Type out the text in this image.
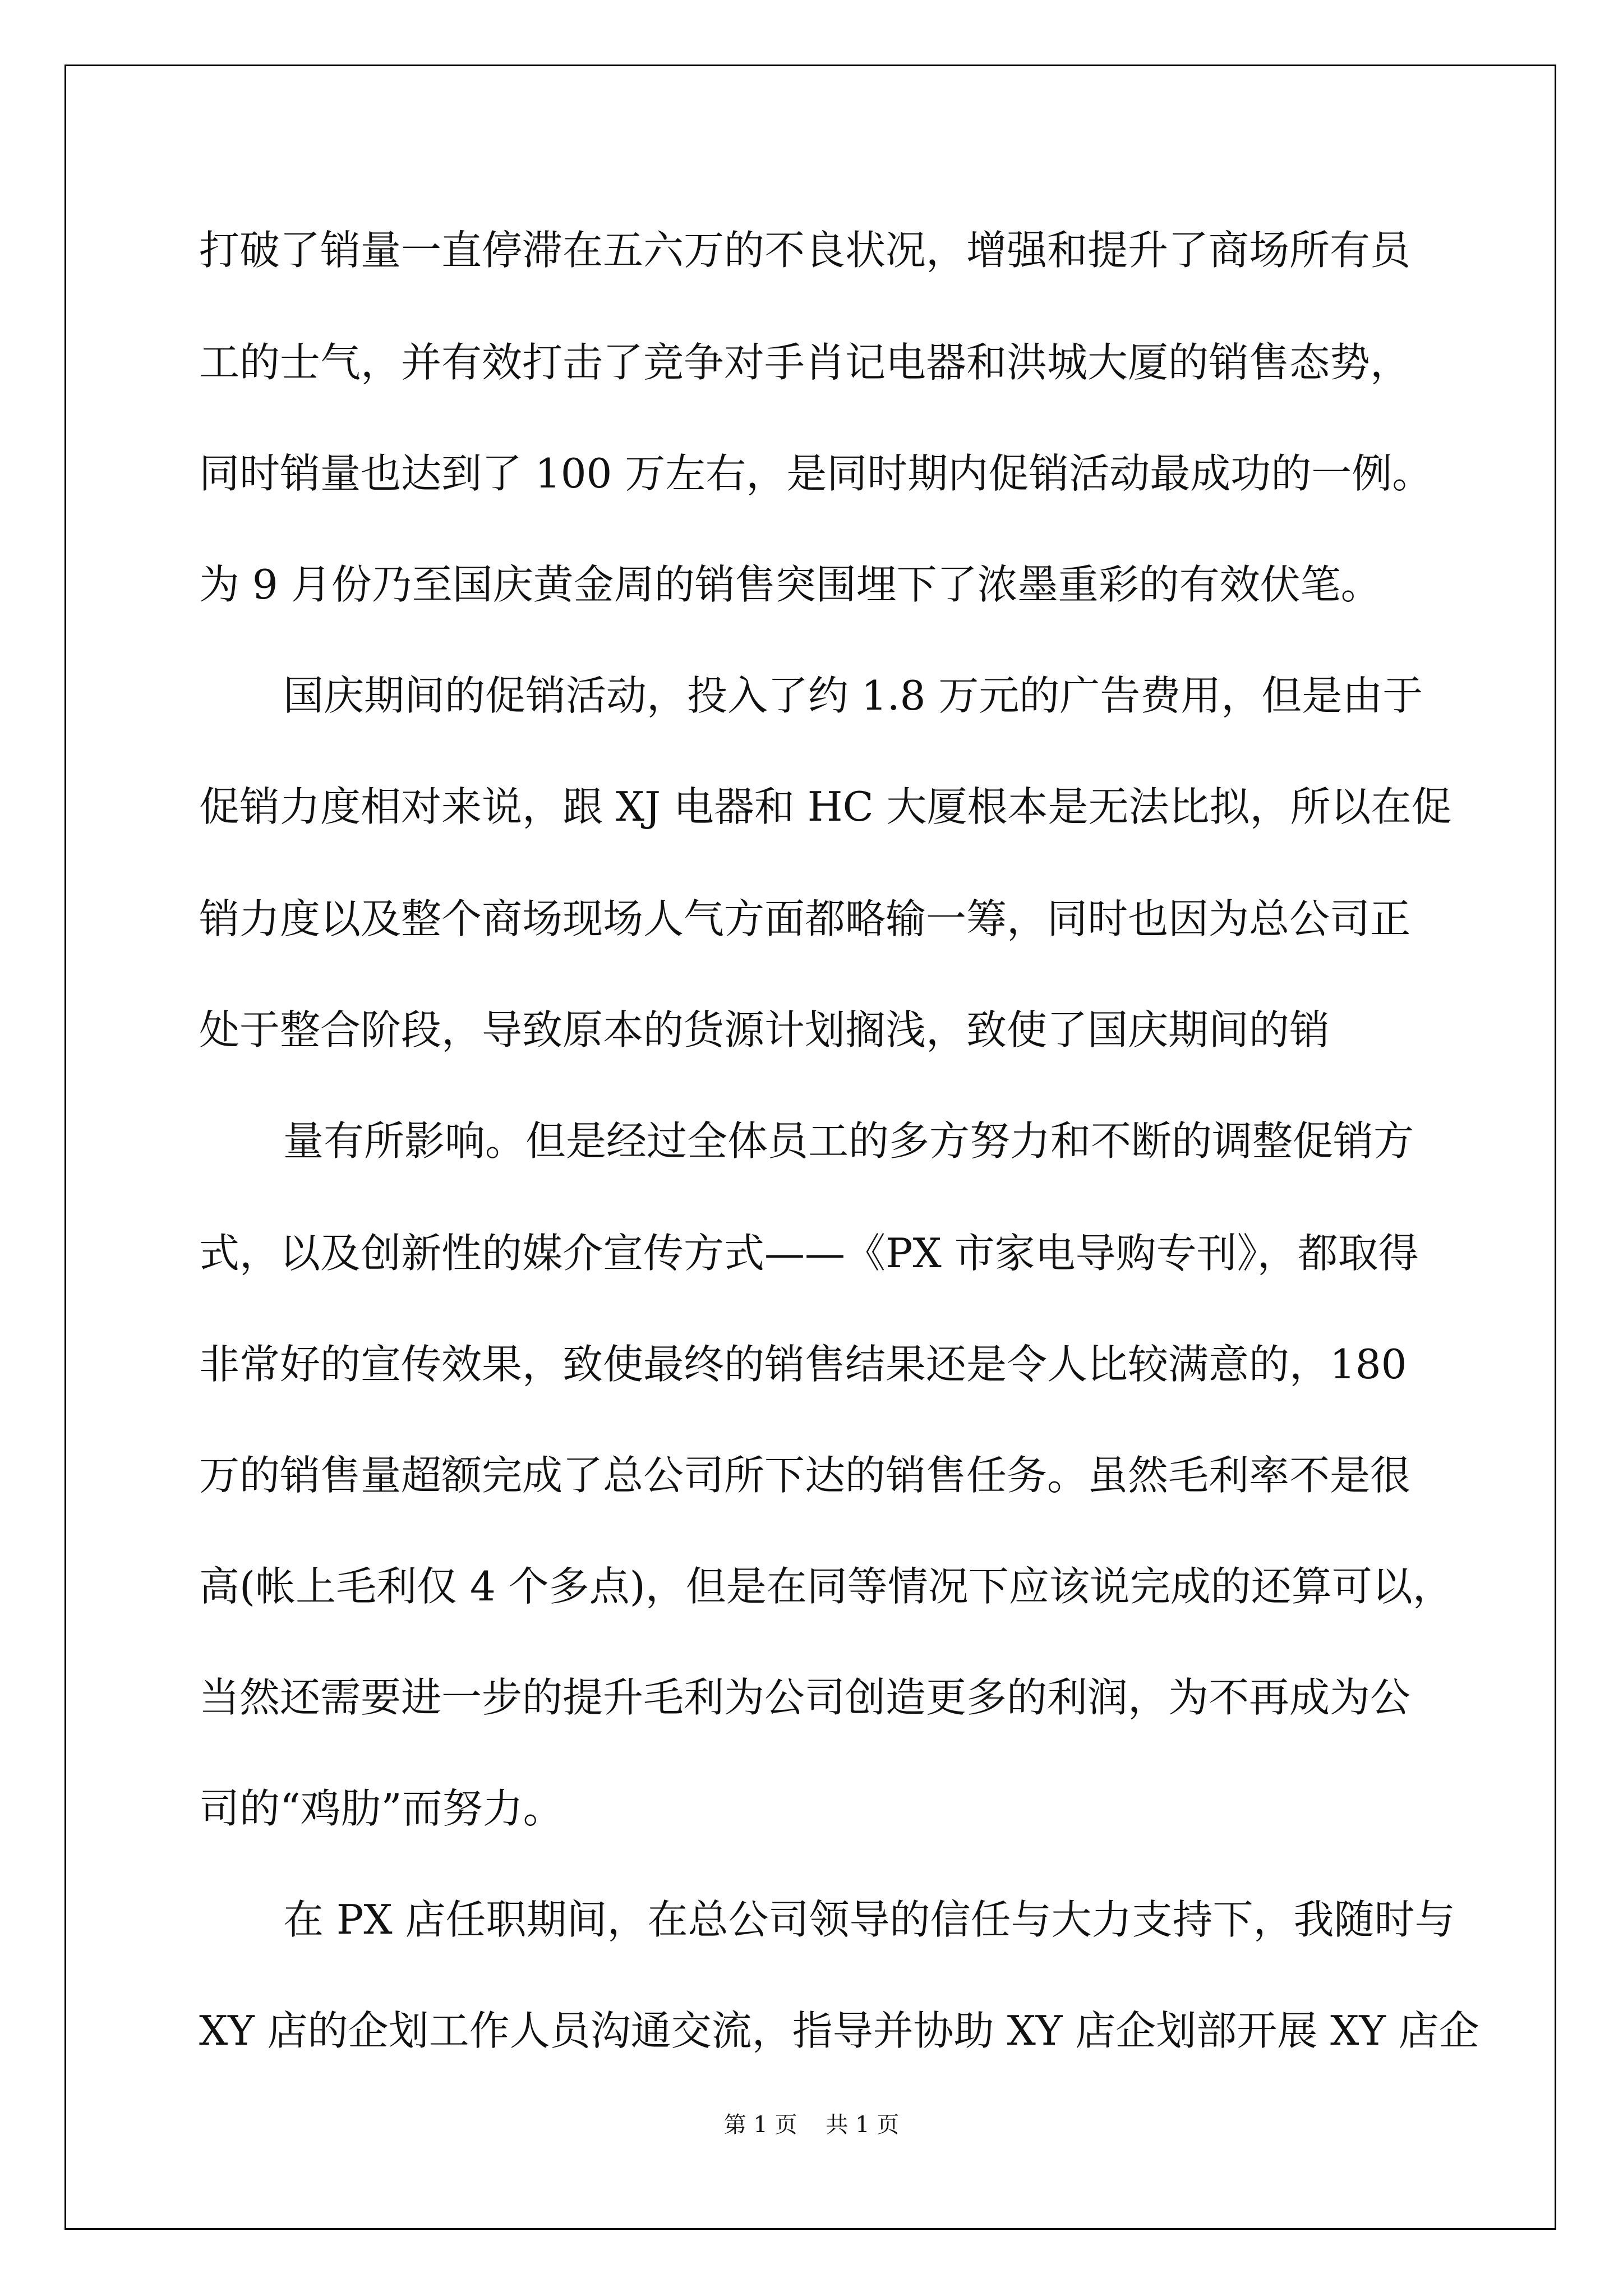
打破了销量一直停滞在五六万的不良状况，增强和提升了商场所有员

工的士气，并有效打击了竞争对手肖记电器和洪城大厦的销售态势，

同时销量也达到了 100 万左右，是同时期内促销活动最成功的一例。

为 9 月份乃至国庆黄金周的销售突围埋下了浓墨重彩的有效伏笔。

国庆期间的促销活动，投入了约 1.8 万元的广告费用，但是由于

促销力度相对来说，跟 XJ 电器和 HC 大厦根本是无法比拟，所以在促

销力度以及整个商场现场人气方面都略输一筹，同时也因为总公司正

处于整合阶段，导致原本的货源计划搁浅，致使了国庆期间的销

量有所影响。但是经过全体员工的多方努力和不断的调整促销方

式，以及创新性的媒介宣传方式——《PX 市家电导购专刊》，都取得

非常好的宣传效果，致使最终的销售结果还是令人比较满意的，180

万的销售量超额完成了总公司所下达的销售任务。虽然毛利率不是很

高(帐上毛利仅 4 个多点)，但是在同等情况下应该说完成的还算可以，

当然还需要进一步的提升毛利为公司创造更多的利润，为不再成为公

司的“鸡肋”而努力。

在 PX 店任职期间，在总公司领导的信任与大力支持下，我随时与

XY 店的企划工作人员沟通交流，指导并协助 XY 店企划部开展 XY 店企

第 1 页    共 1 页
